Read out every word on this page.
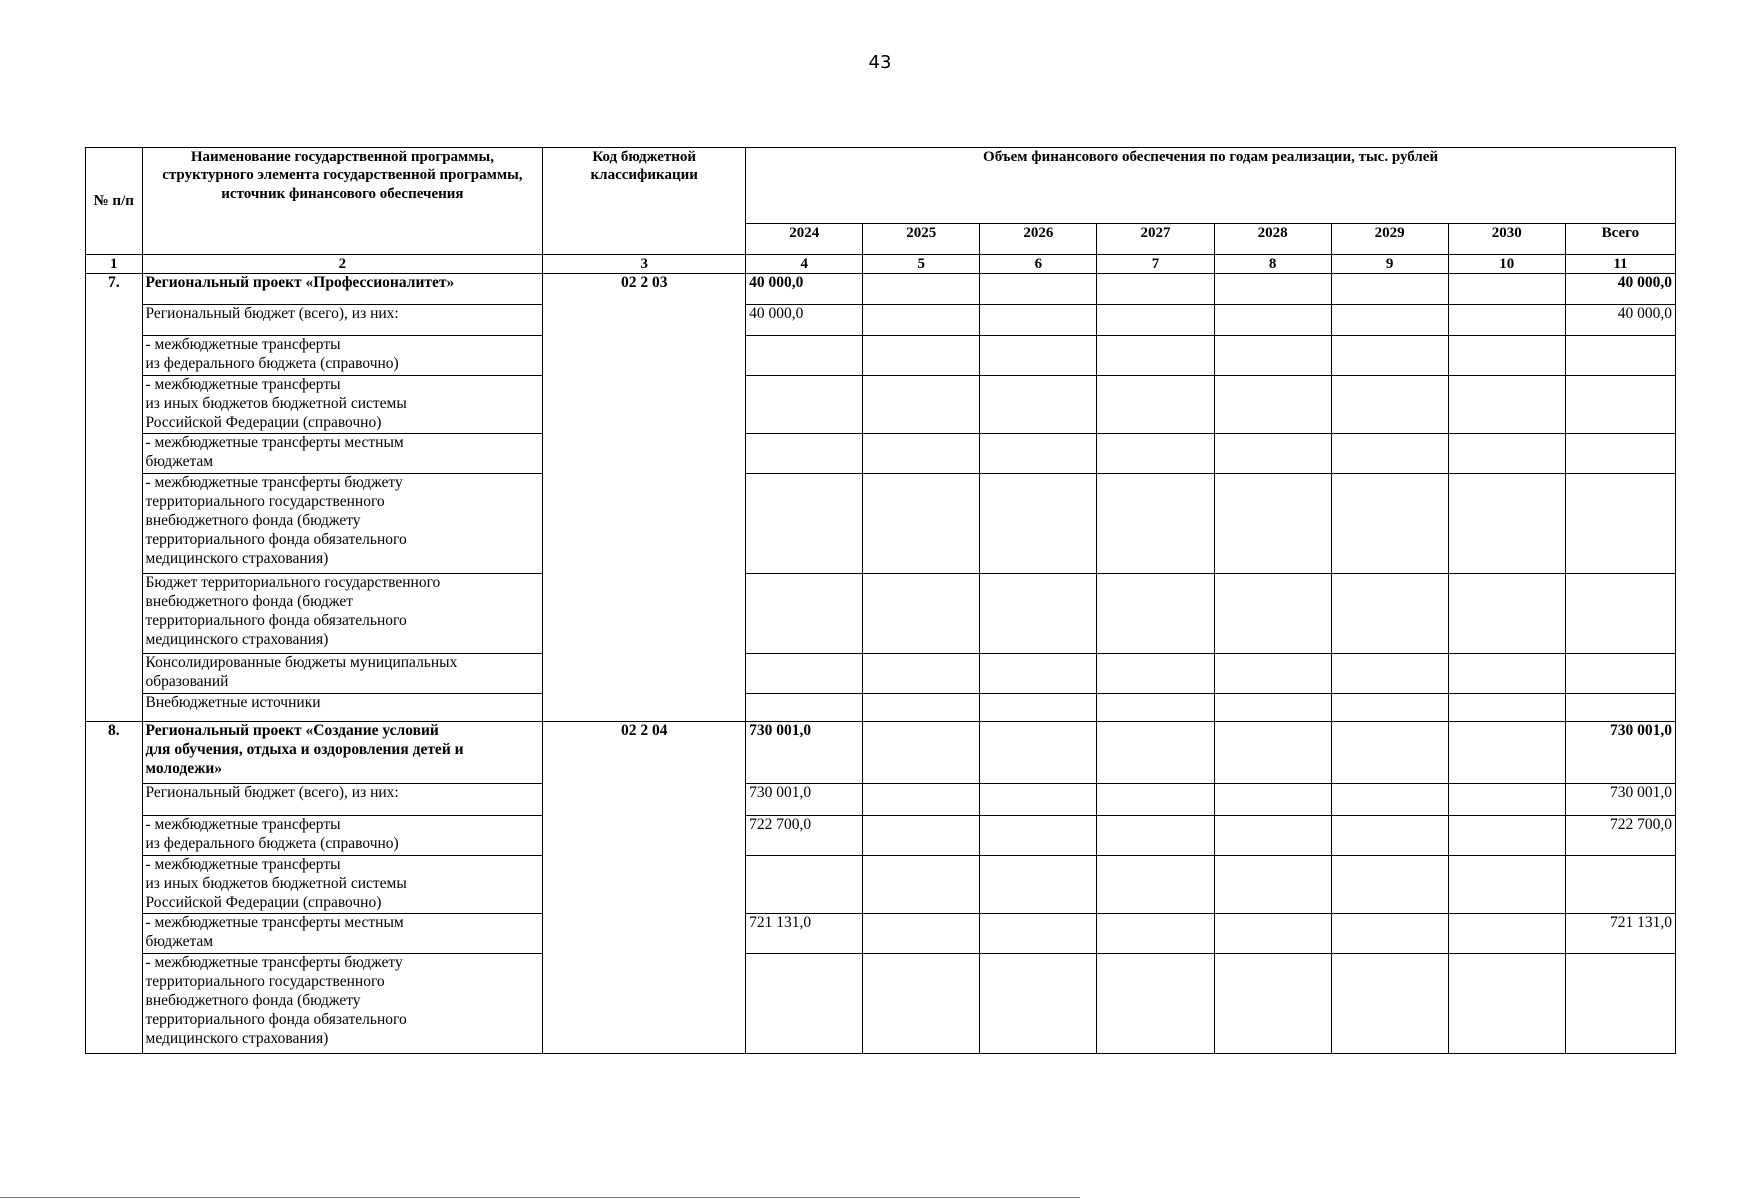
43
№ п/п	Наименование государственной программы, структурного элемента государственной программы, источник финансового обеспечения	Код бюджетной классификации	Объем финансового обеспечения по годам реализации, тыс. рублей							
			2024	2025	2026	2027	2028	2029	2030	Всего
1	2	3	4	5	6	7	8	9	10	11
7.	Региональный проект «Профессионалитет»	02 2 03	40 000,0							40 000,0
	Региональный бюджет (всего), из них:		40 000,0							40 000,0
	- межбюджетные трансферты
из федерального бюджета (справочно)									
	- межбюджетные трансферты
из иных бюджетов бюджетной системы
Российской Федерации (справочно)									
	- межбюджетные трансферты местным
бюджетам									
	- межбюджетные трансферты бюджету
территориального государственного
внебюджетного фонда (бюджету
территориального фонда обязательного
медицинского страхования)									
	Бюджет территориального государственного
внебюджетного фонда (бюджет
территориального фонда обязательного
медицинского страхования)									
	Консолидированные бюджеты муниципальных
образований									
	Внебюджетные источники									
8.	Региональный проект «Создание условий
для обучения, отдыха и оздоровления детей и
молодежи»	02 2 04	730 001,0							730 001,0
	Региональный бюджет (всего), из них:		730 001,0							730 001,0
	- межбюджетные трансферты
из федерального бюджета (справочно)		722 700,0							722 700,0
	- межбюджетные трансферты
из иных бюджетов бюджетной системы
Российской Федерации (справочно)									
	- межбюджетные трансферты местным
бюджетам		721 131,0							721 131,0
	- межбюджетные трансферты бюджету
территориального государственного
внебюджетного фонда (бюджету
территориального фонда обязательного
медицинского страхования)									
